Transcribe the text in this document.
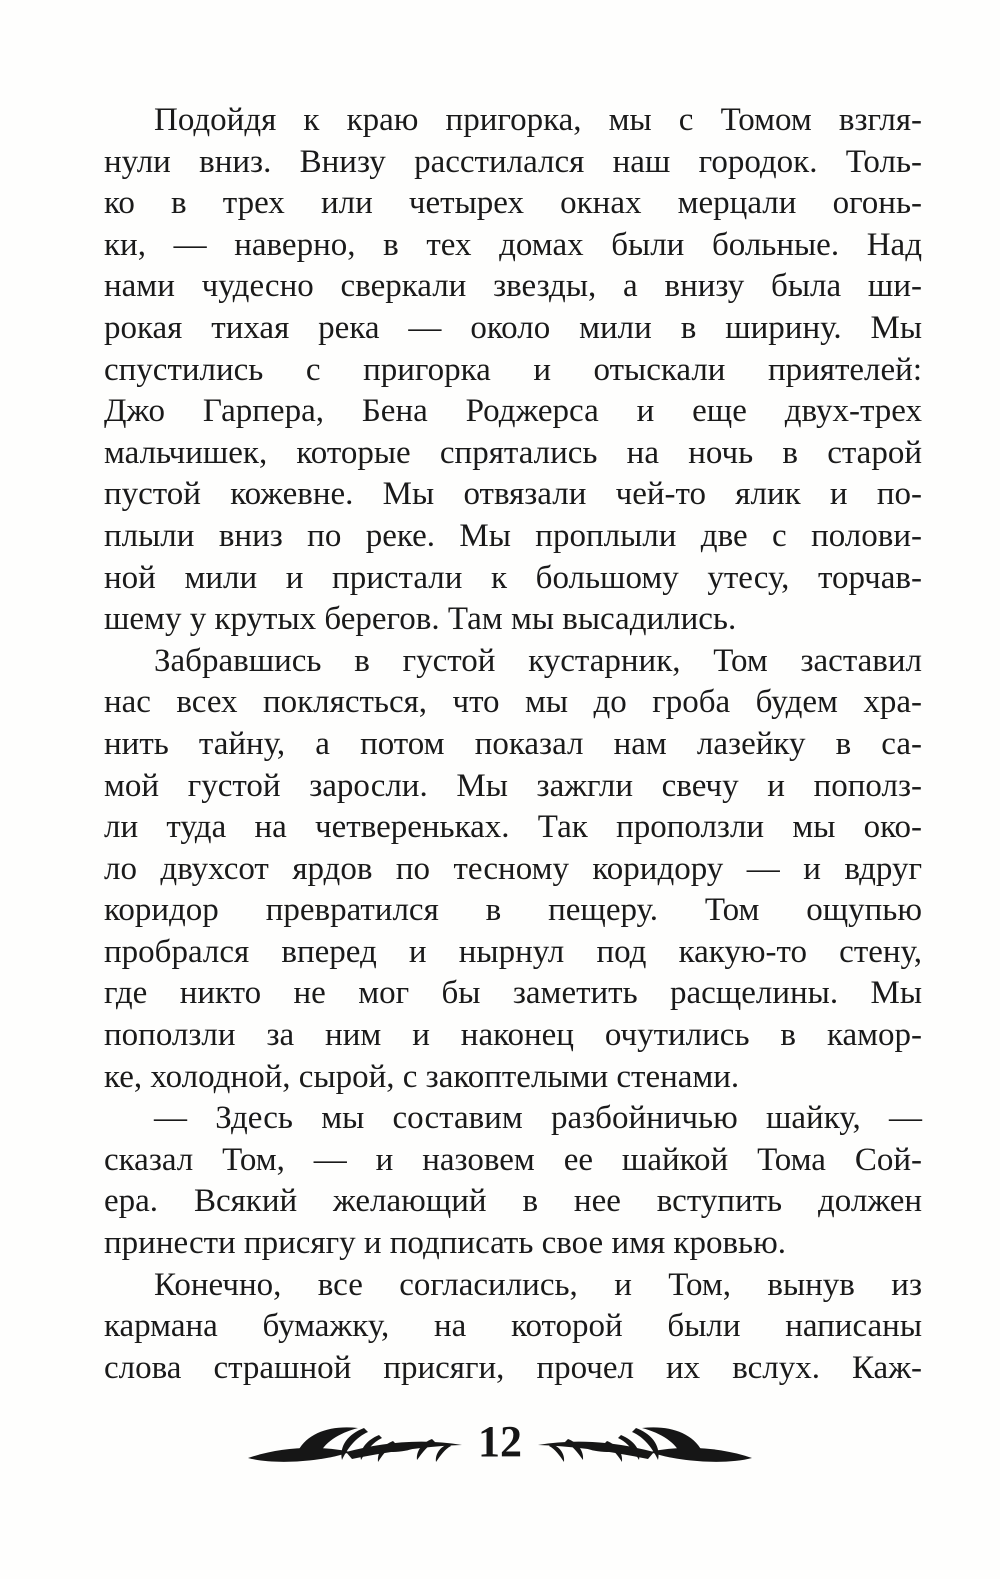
Подойдя к краю пригорка, мы с Томом взгля-
нули вниз. Внизу расстилался наш городок. Толь-
ко в трех или четырех окнах мерцали огонь-
ки, — наверно, в тех домах были больные. Над
нами чудесно сверкали звезды, а внизу была ши-
рокая тихая река — около мили в ширину. Мы
спустились с пригорка и отыскали приятелей:
Джо Гарпера, Бена Роджерса и еще двух-трех
мальчишек, которые спрятались на ночь в старой
пустой кожевне. Мы отвязали чей-то ялик и по-
плыли вниз по реке. Мы проплыли две с полови-
ной мили и пристали к большому утесу, торчав-
шему у крутых берегов. Там мы высадились.
Забравшись в густой кустарник, Том заставил
нас всех поклясться, что мы до гроба будем хра-
нить тайну, а потом показал нам лазейку в са-
мой густой заросли. Мы зажгли свечу и пополз-
ли туда на четвереньках. Так проползли мы око-
ло двухсот ярдов по тесному коридору — и вдруг
коридор превратился в пещеру. Том ощупью
пробрался вперед и нырнул под какую-то стену,
где никто не мог бы заметить расщелины. Мы
поползли за ним и наконец очутились в камор-
ке, холодной, сырой, с закоптелыми стенами.
— Здесь мы составим разбойничью шайку, —
сказал Том, — и назовем ее шайкой Тома Сой-
ера. Всякий желающий в нее вступить должен
принести присягу и подписать свое имя кровью.
Конечно, все согласились, и Том, вынув из
кармана бумажку, на которой были написаны
слова страшной присяги, прочел их вслух. Каж-
12
